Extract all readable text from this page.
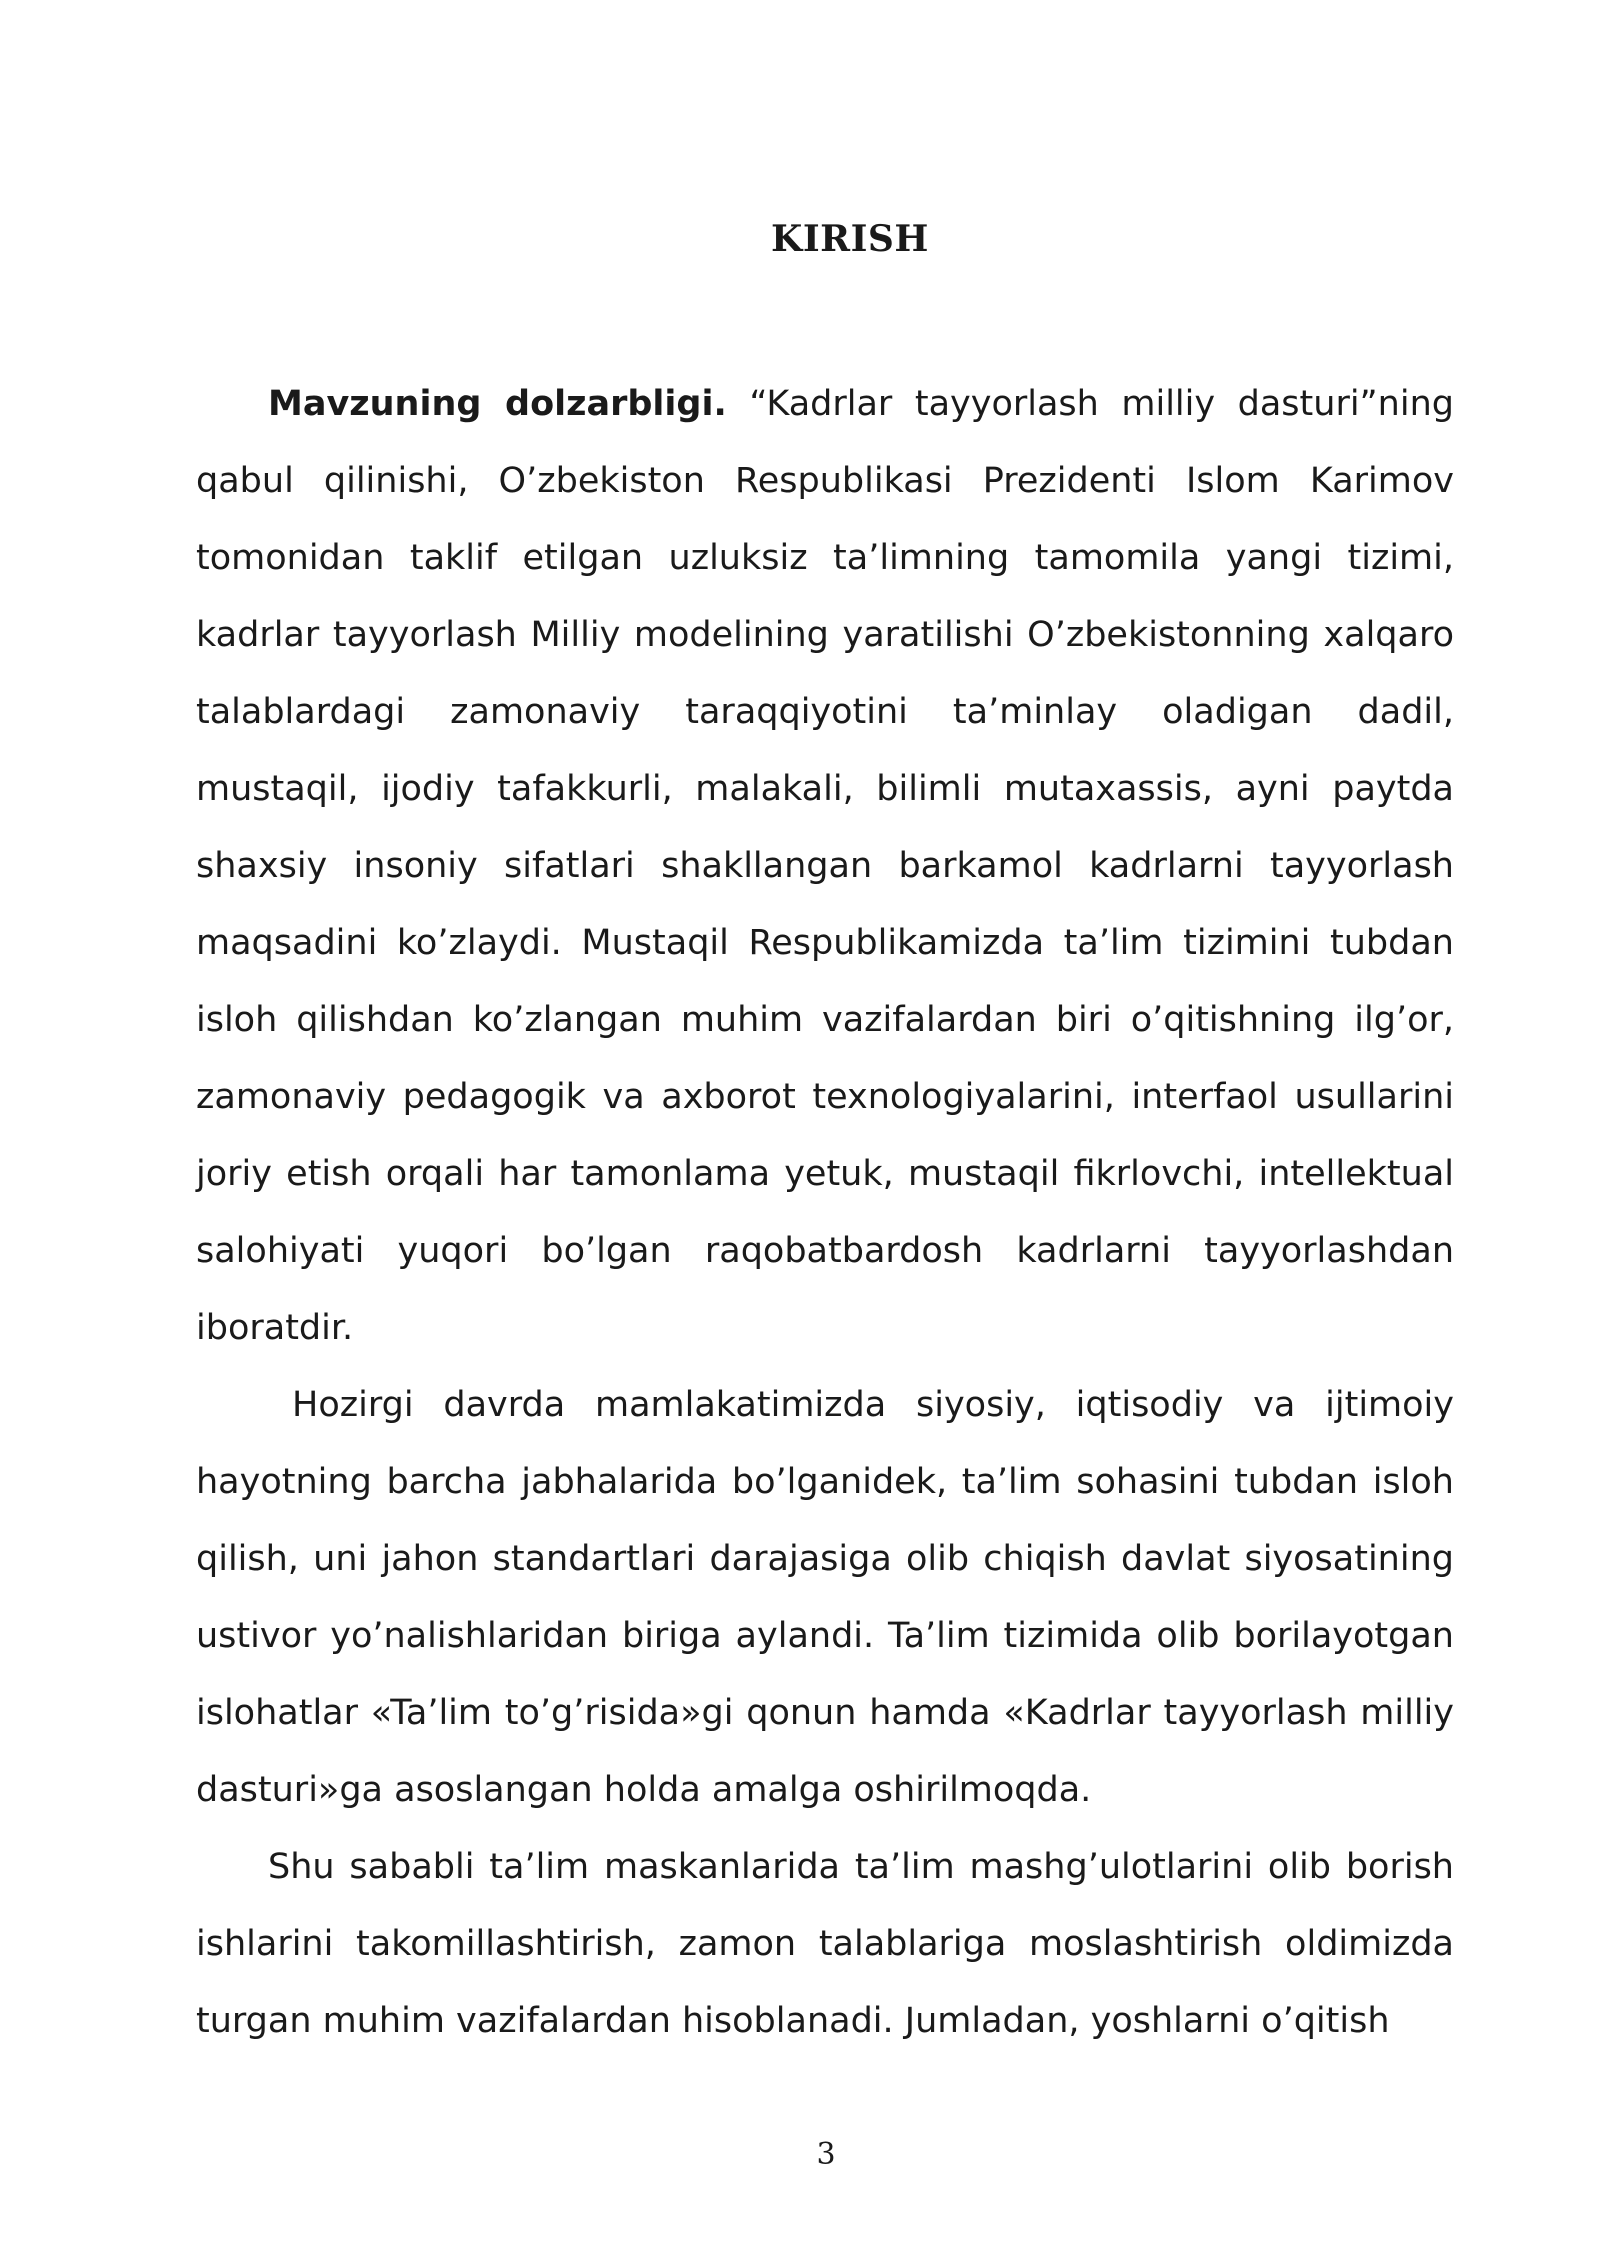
KIRISH

Mavzuning dolzarbligi. “Kadrlar tayyorlash milliy dasturi”ning qabul qilinishi, O’zbekiston Respublikasi Prezidenti Islom Karimov tomonidan taklif etilgan uzluksiz ta’limning tamomila yangi tizimi, kadrlar tayyorlash Milliy modelining yaratilishi O’zbekistonning xalqaro talablardagi zamonaviy taraqqiyotini ta’minlay oladigan dadil, mustaqil, ijodiy tafakkurli, malakali, bilimli mutaxassis, ayni paytda shaxsiy insoniy sifatlari shakllangan barkamol kadrlarni tayyorlash maqsadini ko’zlaydi. Mustaqil Respublikamizda ta’lim tizimini tubdan isloh qilishdan ko’zlangan muhim vazifalardan biri o’qitishning ilg’or, zamonaviy pedagogik va axborot texnologiyalarini, interfaol usullarini joriy etish orqali har tamonlama yetuk, mustaqil fikrlovchi, intellektual salohiyati yuqori bo’lgan raqobatbardosh kadrlarni tayyorlashdan iboratdir.

Hozirgi davrda mamlakatimizda siyosiy, iqtisodiy va ijtimoiy hayotning barcha jabhalarida bo’lganidek, ta’lim sohasini tubdan isloh qilish, uni jahon standartlari darajasiga olib chiqish davlat siyosatining ustivor yo’nalishlaridan biriga aylandi. Ta’lim tizimida olib borilayotgan islohatlar «Ta’lim to’g’risida»gi qonun hamda «Kadrlar tayyorlash milliy dasturi»ga asoslangan holda amalga oshirilmoqda.

Shu sababli ta’lim maskanlarida ta’lim mashg’ulotlarini olib borish ishlarini takomillashtirish, zamon talablariga moslashtirish oldimizda turgan muhim vazifalardan hisoblanadi. Jumladan, yoshlarni o’qitish

3
